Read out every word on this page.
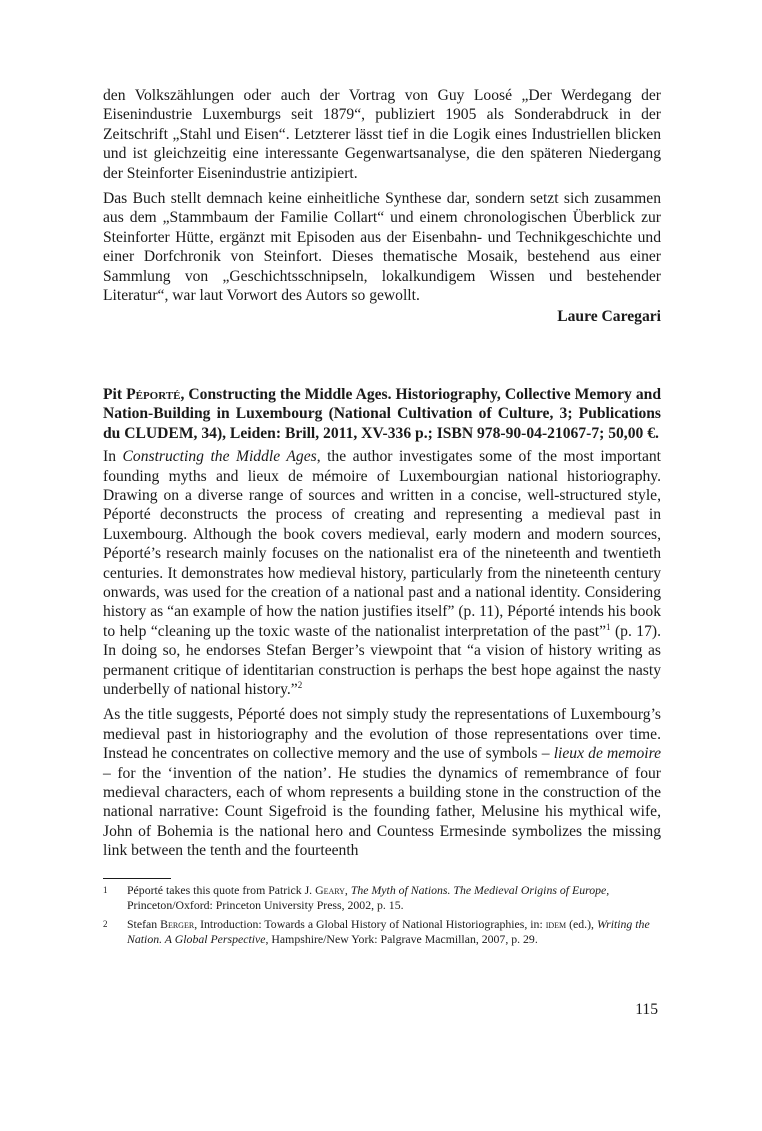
den Volkszählungen oder auch der Vortrag von Guy Loosé „Der Werdegang der Eisenindustrie Luxemburgs seit 1879“, publiziert 1905 als Sonderabdruck in der Zeitschrift „Stahl und Eisen“. Letzterer lässt tief in die Logik eines Industriellen blicken und ist gleichzeitig eine interessante Gegenwartsanalyse, die den späteren Niedergang der Steinforter Eisenindustrie antizipiert.

Das Buch stellt demnach keine einheitliche Synthese dar, sondern setzt sich zusammen aus dem „Stammbaum der Familie Collart“ und einem chronologischen Überblick zur Steinforter Hütte, ergänzt mit Episoden aus der Eisenbahn- und Technikgeschichte und einer Dorfchronik von Steinfort. Dieses thematische Mosaik, bestehend aus einer Sammlung von „Geschichtsschnipseln, lokalkundigem Wissen und bestehender Literatur“, war laut Vorwort des Autors so gewollt.

Laure Caregari

Pit Péporté, Constructing the Middle Ages. Historiography, Collective Memory and Nation-Building in Luxembourg (National Cultivation of Culture, 3; Publications du CLUDEM, 34), Leiden: Brill, 2011, XV-336 p.; ISBN 978-90-04-21067-7; 50,00 €.

In Constructing the Middle Ages, the author investigates some of the most important founding myths and lieux de mémoire of Luxembourgian national historiography. Drawing on a diverse range of sources and written in a concise, well-structured style, Péporté deconstructs the process of creating and representing a medieval past in Luxembourg. Although the book covers medieval, early modern and modern sources, Péporté’s research mainly focuses on the nationalist era of the nineteenth and twentieth centuries. It demonstrates how medieval history, particularly from the nineteenth century onwards, was used for the creation of a national past and a national identity. Considering history as “an example of how the nation justifies itself” (p. 11), Péporté intends his book to help “cleaning up the toxic waste of the nationalist interpretation of the past”$^1$ (p. 17). In doing so, he endorses Stefan Berger’s viewpoint that “a vision of history writing as permanent critique of identitarian construction is perhaps the best hope against the nasty underbelly of national history.”$^2$

As the title suggests, Péporté does not simply study the representations of Luxembourg’s medieval past in historiography and the evolution of those representations over time. Instead he concentrates on collective memory and the use of symbols – lieux de memoire – for the ‘invention of the nation’. He studies the dynamics of remembrance of four medieval characters, each of whom represents a building stone in the construction of the national narrative: Count Sigefroid is the founding father, Melusine his mythical wife, John of Bohemia is the national hero and Countess Ermesinde symbolizes the missing link between the tenth and the fourteenth

1	Péporté takes this quote from Patrick J. Geary, The Myth of Nations. The Medieval Origins of Europe, Princeton/Oxford: Princeton University Press, 2002, p. 15.
2	Stefan Berger, Introduction: Towards a Global History of National Historiographies, in: idem (ed.), Writing the Nation. A Global Perspective, Hampshire/New York: Palgrave Macmillan, 2007, p. 29.
115
